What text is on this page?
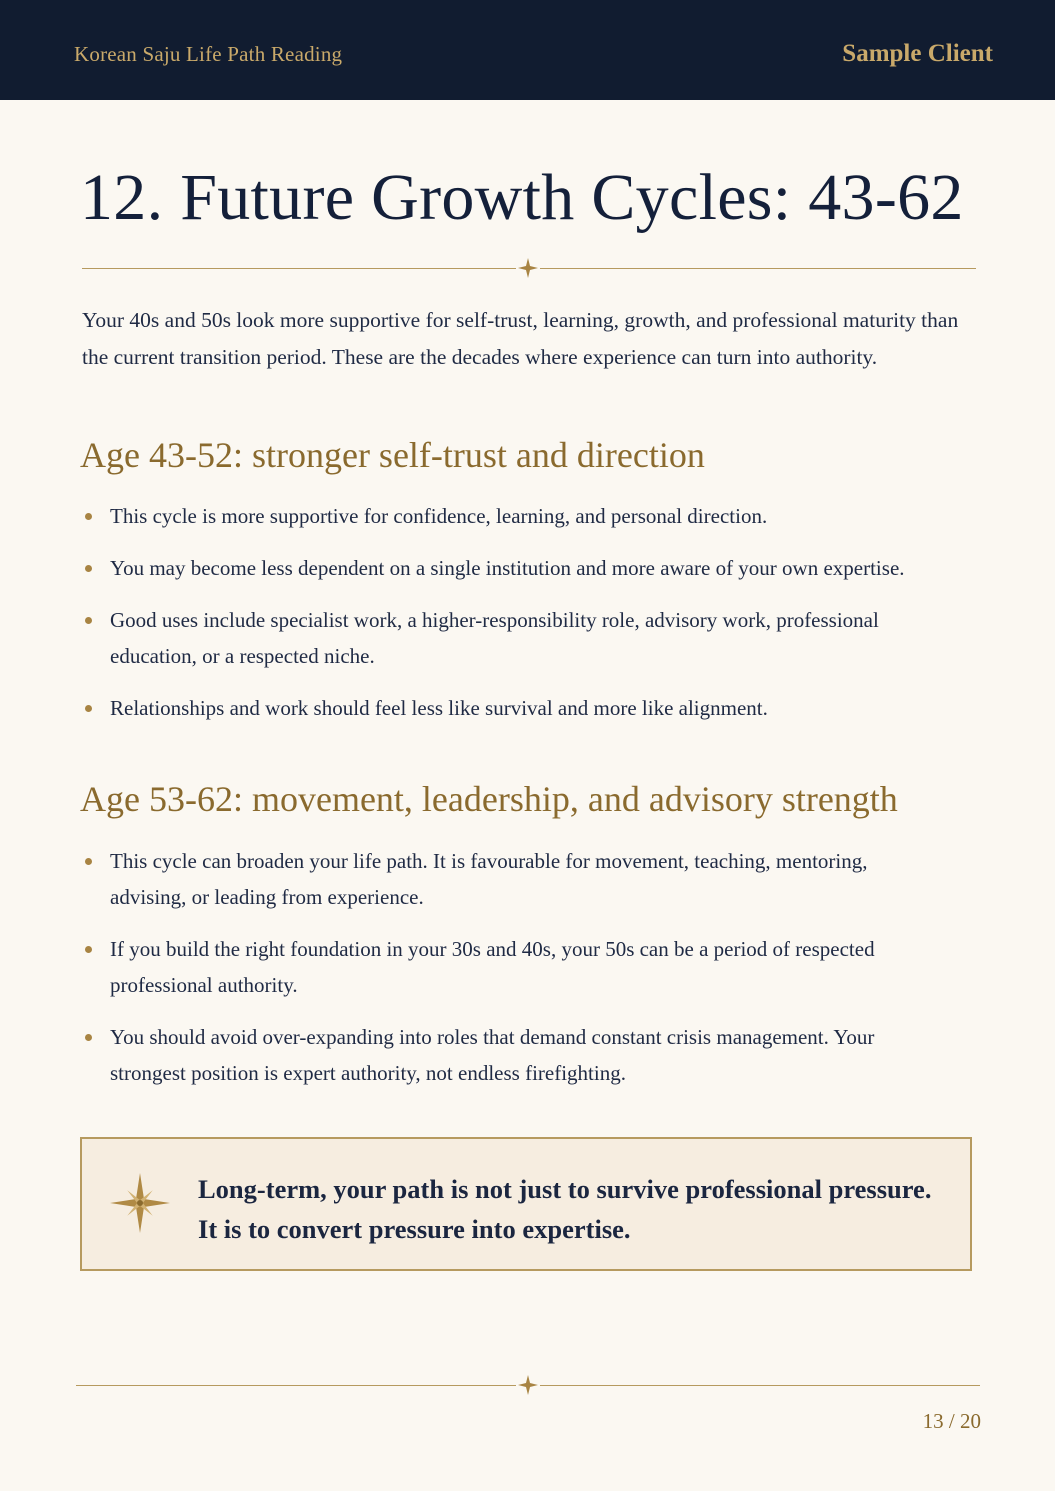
Korean Saju Life Path Reading	Sample Client
12. Future Growth Cycles: 43-62

Your 40s and 50s look more supportive for self-trust, learning, growth, and professional maturity than the current transition period. These are the decades where experience can turn into authority.

Age 43-52: stronger self-trust and direction
This cycle is more supportive for confidence, learning, and personal direction.
You may become less dependent on a single institution and more aware of your own expertise.
Good uses include specialist work, a higher-responsibility role, advisory work, professional education, or a respected niche.
Relationships and work should feel less like survival and more like alignment.
Age 53-62: movement, leadership, and advisory strength
This cycle can broaden your life path. It is favourable for movement, teaching, mentoring, advising, or leading from experience.
If you build the right foundation in your 30s and 40s, your 50s can be a period of respected professional authority.
You should avoid over-expanding into roles that demand constant crisis management. Your strongest position is expert authority, not endless firefighting.

Long-term, your path is not just to survive professional pressure.
It is to convert pressure into expertise.

13 / 20
